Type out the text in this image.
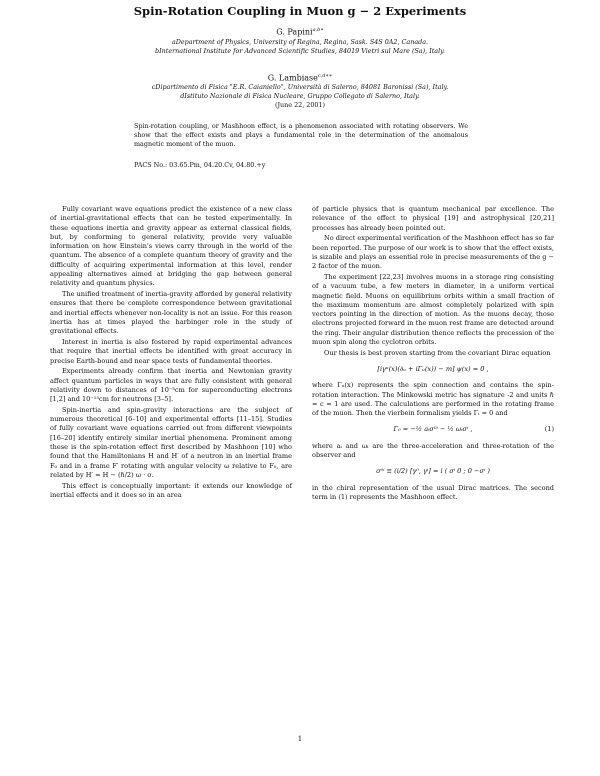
Spin-Rotation Coupling in Muon g − 2 Experiments
G. Papini$^{a,b∗}$
aDepartment of Physics, University of Regina, Regina, Sask. S4S 0A2, Canada.
bInternational Institute for Advanced Scientific Studies, 84019 Vietri sul Mare (Sa), Italy.
G. Lambiase$^{c,d∗∗}$
cDipartimento di Fisica "E.R. Caianiello", Università di Salerno, 84081 Baronissi (Sa), Italy.
dIstituto Nazionale di Fisica Nucleare, Gruppo Collegato di Salerno, Italy.
(June 22, 2001)
Spin-rotation coupling, or Mashhoon effect, is a phenomenon associated with rotating observers. We show that the effect exists and plays a fundamental role in the determination of the anomalous magnetic moment of the muon.
PACS No.: 03.65.Pm, 04.20.Cv, 04.80.+y

Fully covariant wave equations predict the existence of a new class of inertial-gravitational effects that can be tested experimentally. In these equations inertia and gravity appear as external classical fields, but, by conforming to general relativity, provide very valuable information on how Einstein's views carry through in the world of the quantum. The absence of a complete quantum theory of gravity and the difficulty of acquiring experimental information at this level, render appealing alternatives aimed at bridging the gap between general relativity and quantum physics.

The unified treatment of inertia-gravity afforded by general relativity ensures that there be complete correspondence between gravitational and inertial effects whenever non-locality is not an issue. For this reason inertia has at times played the harbinger role in the study of gravitational effects.

Interest in inertia is also fostered by rapid experimental advances that require that inertial effects be identified with great accuracy in precise Earth-bound and near space tests of fundamental theories.

Experiments already confirm that inertia and Newtonian gravity affect quantum particles in ways that are fully consistent with general relativity down to distances of 10⁻³cm for superconducting electrons [1,2] and 10⁻¹³cm for neutrons [3–5].

Spin-inertia and spin-gravity interactions are the subject of numerous theoretical [6–10] and experimental efforts [11–15]. Studies of fully covariant wave equations carried out from different viewpoints [16–20] identify entirely similar inertial phenomena. Prominent among these is the spin-rotation effect first described by Mashhoon [10] who found that the Hamiltonians H and H′ of a neutron in an inertial frame F₀ and in a frame F′ rotating with angular velocity ω relative to F₀, are related by H′ = H − (ℏ/2) ω · σ.

This effect is conceptually important: it extends our knowledge of inertial effects and it does so in an area

of particle physics that is quantum mechanical par excellence. The relevance of the effect to physical [19] and astrophysical [20,21] processes has already been pointed out.

No direct experimental verification of the Mashhoon effect has so far been reported. The purpose of our work is to show that the effect exists, is sizable and plays an essential role in precise measurements of the g − 2 factor of the muon.

The experiment [22,23] involves muons in a storage ring consisting of a vacuum tube, a few meters in diameter, in a uniform vertical magnetic field. Muons on equilibrium orbits within a small fraction of the maximum momentum are almost completely polarized with spin vectors pointing in the direction of motion. As the muons decay, those electrons projected forward in the muon rest frame are detected around the ring. Their angular distribution thence reflects the precession of the muon spin along the cyclotron orbits.

Our thesis is best proven starting from the covariant Dirac equation

[iγᵘ(x)(∂ᵤ + iΓᵤ(x)) − m] ψ(x) = 0 ,

where Γᵤ(x) represents the spin connection and contains the spin-rotation interaction. The Minkowski metric has signature -2 and units ℏ = c = 1 are used. The calculations are performed in the rotating frame of the muon. Then the vierbein formalism yields Γᵢ = 0 and

Γ₀ = −½ aᵢσ⁰ⁱ − ½ ωᵢσⁱ ,	(1)

where aᵢ and ωᵢ are the three-acceleration and three-rotation of the observer and

σ⁰ⁱ ≡ (i/2) [γ⁰, γⁱ] = i ( σⁱ 0 ; 0 −σⁱ )

in the chiral representation of the usual Dirac matrices. The second term in (1) represents the Mashhoon effect.

1
